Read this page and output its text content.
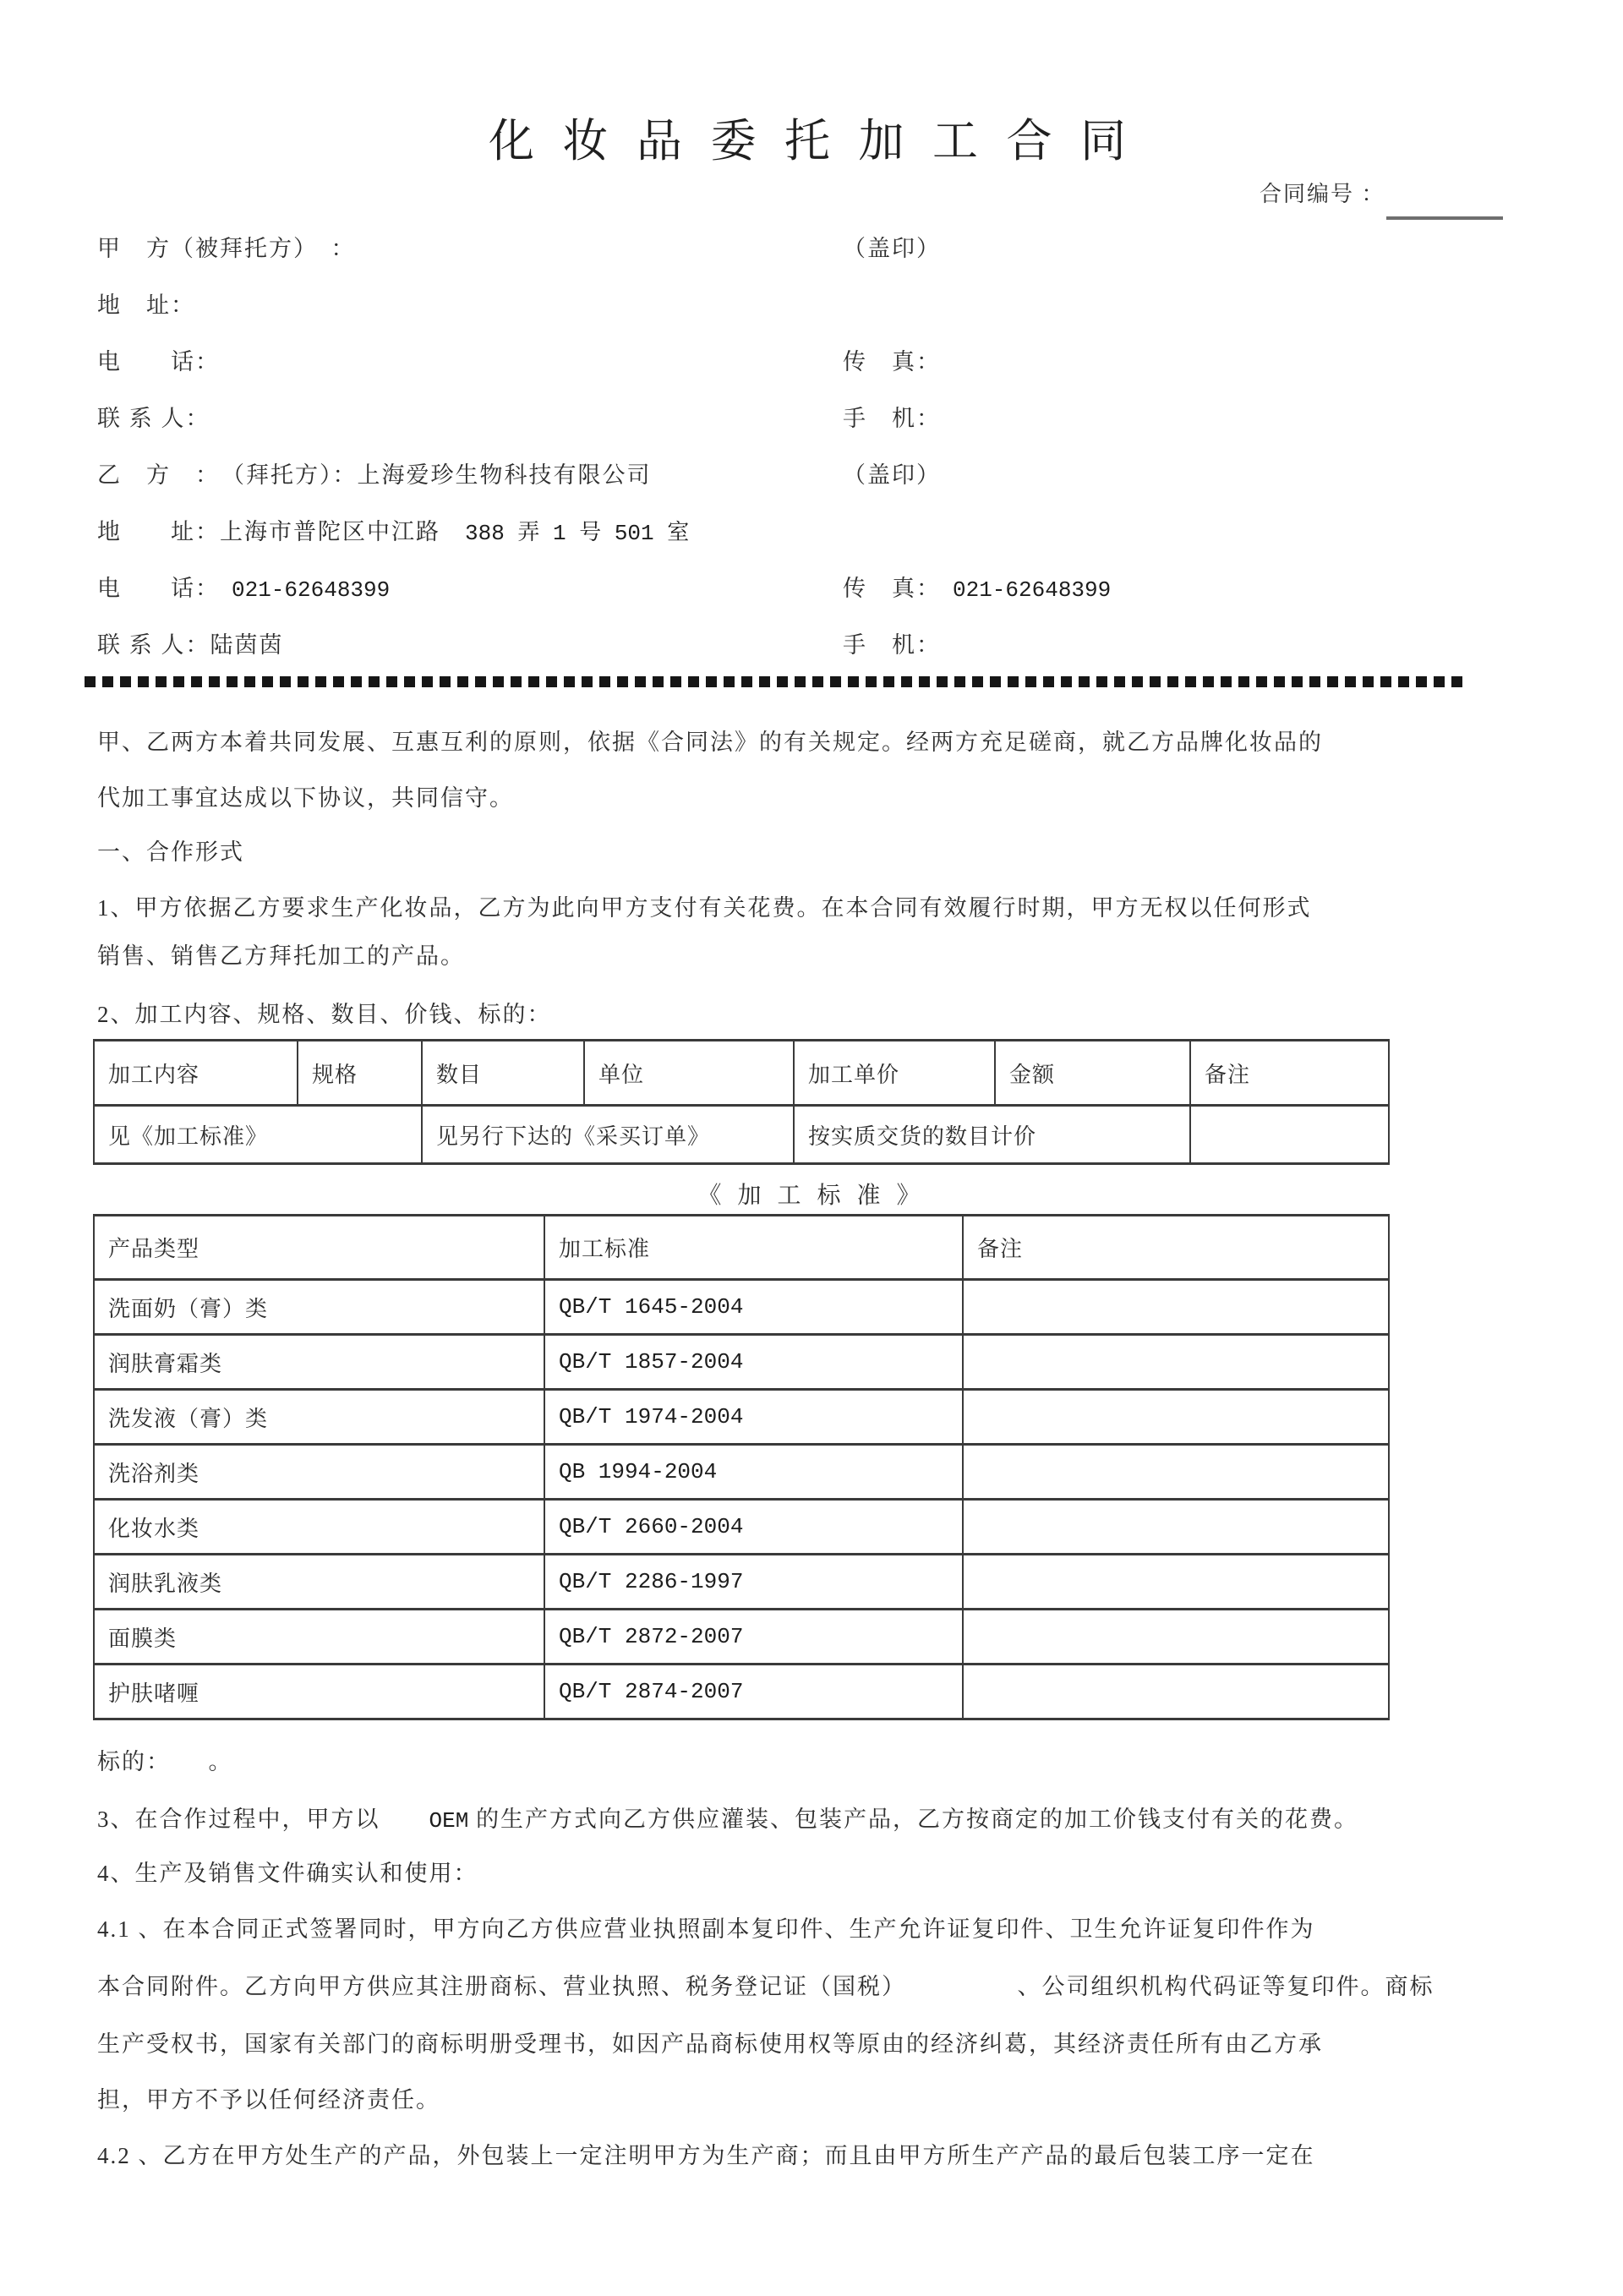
化 妆 品 委 托 加 工 合 同
合同编号 ：
甲　方（被拜托方）　：	（盖印）
地　址：
电　　话：	传　真：
联 系 人：	手　机：
乙　方　：　（拜托方）：上海爱珍生物科技有限公司	（盖印）
地　　址：上海市普陀区中江路　388 弄 1 号 501 室
电　　话： 021-62648399	传　真： 021-62648399
联 系 人：陆茵茵	手　机：
甲、乙两方本着共同发展、互惠互利的原则，依据《合同法》的有关规定。经两方充足磋商，就乙方品牌化妆品的
代加工事宜达成以下协议，共同信守。
一、合作形式
1、甲方依据乙方要求生产化妆品，乙方为此向甲方支付有关花费。在本合同有效履行时期，甲方无权以任何形式
销售、销售乙方拜托加工的产品。
2、加工内容、规格、数目、价钱、标的：
加工内容	规格	数目	单位	加工单价	金额	备注
见《加工标准》		见另行下达的《采买订单》		按实质交货的数目计价		
《 加 工 标 准 》
产品类型	加工标准	备注
洗面奶（膏）类	QB/T 1645-2004	
润肤膏霜类	QB/T 1857-2004	
洗发液（膏）类	QB/T 1974-2004	
洗浴剂类	QB 1994-2004	
化妆水类	QB/T 2660-2004	
润肤乳液类	QB/T 2286-1997	
面膜类	QB/T 2872-2007	
护肤啫喱	QB/T 2874-2007	
标的：　　。
3、在合作过程中，甲方以　　OEM 的生产方式向乙方供应灌装、包装产品，乙方按商定的加工价钱支付有关的花费。
4、生产及销售文件确实认和使用：
4.1 、在本合同正式签署同时，甲方向乙方供应营业执照副本复印件、生产允许证复印件、卫生允许证复印件作为
本合同附件。乙方向甲方供应其注册商标、营业执照、税务登记证（国税）　　　　　、公司组织机构代码证等复印件。商标
生产受权书，国家有关部门的商标明册受理书，如因产品商标使用权等原由的经济纠葛，其经济责任所有由乙方承
担，甲方不予以任何经济责任。
4.2 、乙方在甲方处生产的产品，外包装上一定注明甲方为生产商；而且由甲方所生产产品的最后包装工序一定在
